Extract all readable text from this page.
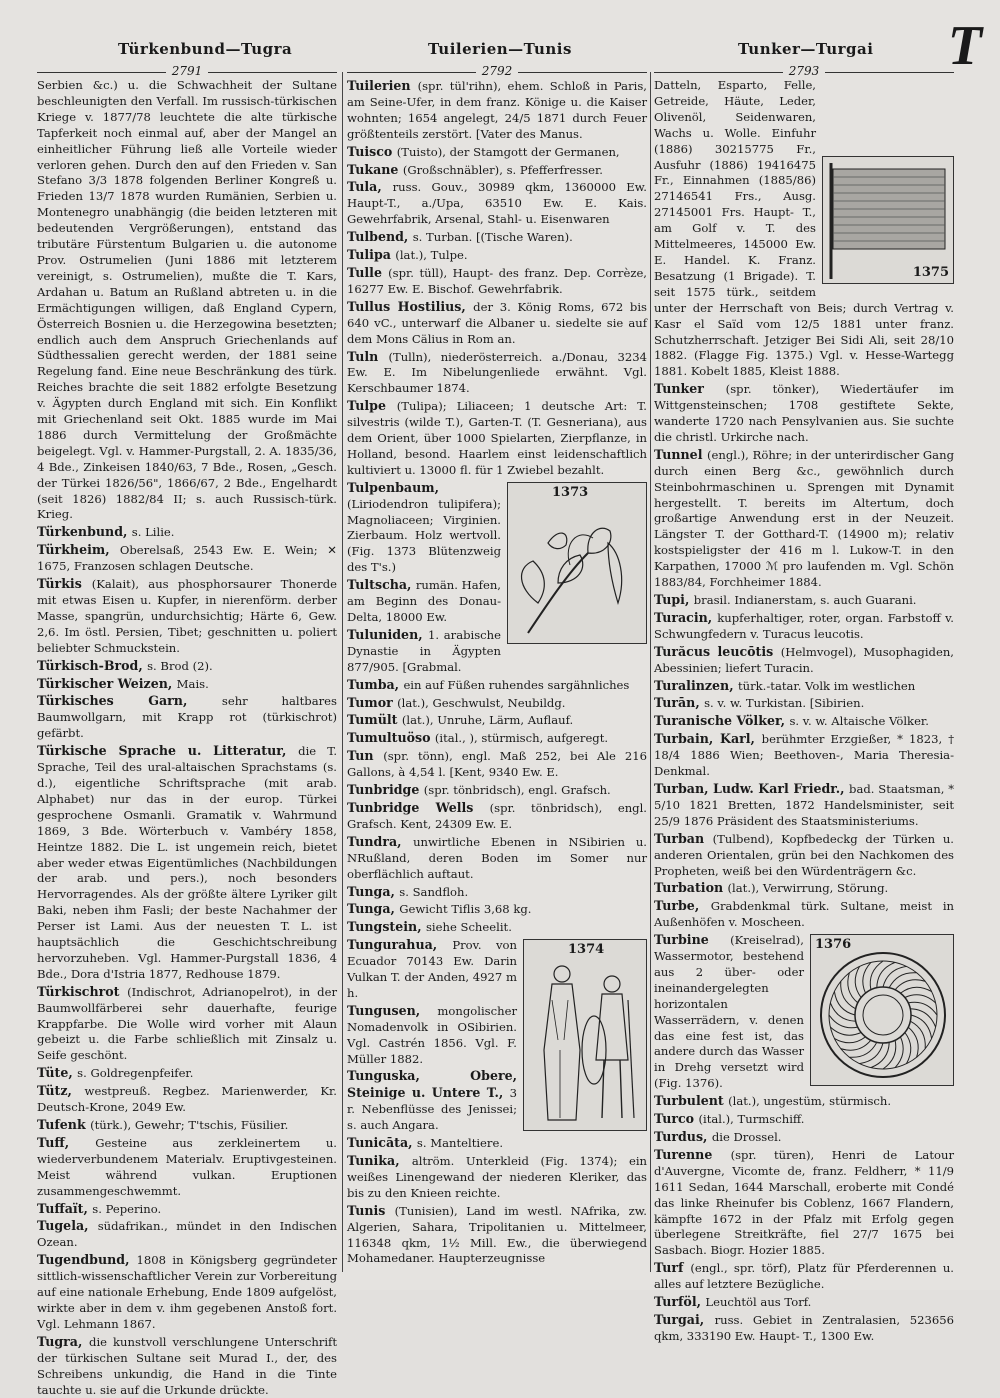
Türkenbund—Tugra	Tuilerien—Tunis	Tunker—Turgai T
2791	2792	2793
Serbien &c.) u. die Schwachheit der Sultane beschleunigten den Verfall. Im russisch-türkischen Kriege v. 1877/78 leuchtete die alte türkische Tapferkeit noch einmal auf, aber der Mangel an einheitlicher Führung ließ alle Vorteile wieder verloren gehen. Durch den auf den Frieden v. San Stefano 3/3 1878 folgenden Berliner Kongreß u. Frieden 13/7 1878 wurden Rumänien, Serbien u. Montenegro unabhängig (die beiden letzteren mit bedeutenden Vergrößerungen), entstand das tributäre Fürstentum Bulgarien u. die autonome Prov. Ostrumelien (Juni 1886 mit letzterem vereinigt, s. Ostrumelien), mußte die T. Kars, Ardahan u. Batum an Rußland abtreten u. in die Ermächtigungen willigen, daß England Cypern, Österreich Bosnien u. die Herzegowina besetzten; endlich auch dem Anspruch Griechenlands auf Südthessalien gerecht werden, der 1881 seine Regelung fand. Eine neue Beschränkung des türk. Reiches brachte die seit 1882 erfolgte Besetzung v. Ägypten durch England mit sich. Ein Konflikt mit Griechenland seit Okt. 1885 wurde im Mai 1886 durch Vermittelung der Großmächte beigelegt. Vgl. v. Hammer-Purgstall, 2. A. 1835/36, 4 Bde., Zinkeisen 1840/63, 7 Bde., Rosen, „Gesch. der Türkei 1826/56", 1866/67, 2 Bde., Engelhardt (seit 1826) 1882/84 II; s. auch Russisch-türk. Krieg.
Türkenbund, s. Lilie.
Türkheim, Oberelsaß, 2543 Ew. E. Wein; ✕ 1675, Franzosen schlagen Deutsche.
Türkis (Kalait), aus phosphorsaurer Thonerde mit etwas Eisen u. Kupfer, in nierenförm. derber Masse, spangrün, undurchsichtig; Härte 6, Gew. 2,6. Im östl. Persien, Tibet; geschnitten u. poliert beliebter Schmuckstein.
Türkisch-Brod, s. Brod (2).
Türkischer Weizen, Mais.
Türkisches Garn, sehr haltbares Baumwollgarn, mit Krapp rot (türkischrot) gefärbt.
Türkische Sprache u. Litteratur, die T. Sprache, Teil des ural-altaischen Sprachstams (s. d.), eigentliche Schriftsprache (mit arab. Alphabet) nur das in der europ. Türkei gesprochene Osmanli. Gramatik v. Wahrmund 1869, 3 Bde. Wörterbuch v. Vambéry 1858, Heintze 1882. Die L. ist ungemein reich, bietet aber weder etwas Eigentümliches (Nachbildungen der arab. und pers.), noch besonders Hervorragendes. Als der größte ältere Lyriker gilt Baki, neben ihm Fasli; der beste Nachahmer der Perser ist Lami. Aus der neuesten T. L. ist hauptsächlich die Geschichtschreibung hervorzuheben. Vgl. Hammer-Purgstall 1836, 4 Bde., Dora d'Istria 1877, Redhouse 1879.
Türkischrot (Indischrot, Adrianopelrot), in der Baumwollfärberei sehr dauerhafte, feurige Krappfarbe. Die Wolle wird vorher mit Alaun gebeizt u. die Farbe schließlich mit Zinsalz u. Seife geschönt.
Tüte, s. Goldregenpfeifer.
Tütz, westpreuß. Regbez. Marienwerder, Kr. Deutsch-Krone, 2049 Ew.
Tufenk (türk.), Gewehr; T'tschis, Füsilier.
Tuff, Gesteine aus zerkleinertem u. wiederverbundenem Materialv. Eruptivgesteinen. Meist während vulkan. Eruptionen zusammengeschwemmt.
Tuffaït, s. Peperino.
Tugela, südafrikan., mündet in den Indischen Ozean.
Tugendbund, 1808 in Königsberg gegründeter sittlich-wissenschaftlicher Verein zur Vorbereitung auf eine nationale Erhebung, Ende 1809 aufgelöst, wirkte aber in dem v. ihm gegebenen Anstoß fort. Vgl. Lehmann 1867.
Tugra, die kunstvoll verschlungene Unterschrift der türkischen Sultane seit Murad I., der, des Schreibens unkundig, die Hand in die Tinte tauchte u. sie auf die Urkunde drückte.
Tuilerien (spr. tül'rihn), ehem. Schloß in Paris, am Seine-Ufer, in dem franz. Könige u. die Kaiser wohnten; 1654 angelegt, 24/5 1871 durch Feuer größtenteils zerstört. [Vater des Manus.
Tuisco (Tuisto), der Stamgott der Germanen,
Tukane (Großschnäbler), s. Pfefferfresser.
Tula, russ. Gouv., 30989 qkm, 1360000 Ew. Haupt-T., a./Upa, 63510 Ew. E. Kais. Gewehrfabrik, Arsenal, Stahl- u. Eisenwaren
Tulbend, s. Turban. [(Tische Waren).
Tulipa (lat.), Tulpe.
Tulle (spr. tüll), Haupt- des franz. Dep. Corrèze, 16277 Ew. E. Bischof. Gewehrfabrik.
Tullus Hostilius, der 3. König Roms, 672 bis 640 vC., unterwarf die Albaner u. siedelte sie auf dem Mons Cälius in Rom an.
Tuln (Tulln), niederösterreich. a./Donau, 3234 Ew. E. Im Nibelungenliede erwähnt. Vgl. Kerschbaumer 1874.
Tulpe (Tulipa); Liliaceen; 1 deutsche Art: T. silvestris (wilde T.), Garten-T. (T. Gesneriana), aus dem Orient, über 1000 Spielarten, Zierpflanze, in Holland, besond. Haarlem einst leidenschaftlich kultiviert u. 13000 fl. für 1 Zwiebel bezahlt.
1373
Tulpenbaum, (Liriodendron tulipifera); Magnoliaceen; Virginien. Zierbaum. Holz wertvoll. (Fig. 1373 Blütenzweig des T's.)
Tultscha, rumän. Hafen, am Beginn des Donau-Delta, 18000 Ew.
Tuluniden, 1. arabische Dynastie in Ägypten 877/905. [Grabmal.
Tumba, ein auf Füßen ruhendes sargähnliches
Tumor (lat.), Geschwulst, Neubildg.
Tumült (lat.), Unruhe, Lärm, Auflauf.
Tumultuöso (ital., ), stürmisch, aufgeregt.
Tun (spr. tönn), engl. Maß 252, bei Ale 216 Gallons, à 4,54 l. [Kent, 9340 Ew. E.
Tunbridge (spr. tönbridsch), engl. Grafsch.
Tunbridge Wells (spr. tönbridsch), engl. Grafsch. Kent, 24309 Ew. E.
Tundra, unwirtliche Ebenen in NSibirien u. NRußland, deren Boden im Somer nur oberflächlich auftaut.
Tunga, s. Sandfloh.
Tunga, Gewicht Tiflis 3,68 kg.
Tungstein, siehe Scheelit.
1374
Tungurahua, Prov. von Ecuador 70143 Ew. Darin Vulkan T. der Anden, 4927 m h.
Tungusen, mongolischer Nomadenvolk in OSibirien. Vgl. Castrén 1856. Vgl. F. Müller 1882.
Tunguska, Obere, Steinige u. Untere T., 3 r. Nebenflüsse des Jenissei; s. auch Angara.
Tunicāta, s. Manteltiere.
Tunika, altröm. Unterkleid (Fig. 1374); ein weißes Linengewand der niederen Kleriker, das bis zu den Knieen reichte.
Tunis (Tunisien), Land im westl. NAfrika, zw. Algerien, Sahara, Tripolitanien u. Mittelmeer, 116348 qkm, 1½ Mill. Ew., die überwiegend Mohamedaner. Haupterzeugnisse
1375
Datteln, Esparto, Felle, Getreide, Häute, Leder, Olivenöl, Seidenwaren, Wachs u. Wolle. Einfuhr (1886) 30215775 Fr., Ausfuhr (1886) 19416475 Fr., Einnahmen (1885/86) 27146541 Frs., Ausg. 27145001 Frs. Haupt- T., am Golf v. T. des Mittelmeeres, 145000 Ew. E. Handel. K. Franz. Besatzung (1 Brigade). T. seit 1575 türk., seitdem unter der Herrschaft von Beis; durch Vertrag v. Kasr el Saïd vom 12/5 1881 unter franz. Schutzherrschaft. Jetziger Bei Sidi Ali, seit 28/10 1882. (Flagge Fig. 1375.) Vgl. v. Hesse-Wartegg 1881. Kobelt 1885, Kleist 1888.
Tunker (spr. tönker), Wiedertäufer im Wittgensteinschen; 1708 gestiftete Sekte, wanderte 1720 nach Pensylvanien aus. Sie suchte die christl. Urkirche nach.
Tunnel (engl.), Röhre; in der unterirdischer Gang durch einen Berg &c., gewöhnlich durch Steinbohrmaschinen u. Sprengen mit Dynamit hergestellt. T. bereits im Altertum, doch großartige Anwendung erst in der Neuzeit. Längster T. der Gotthard-T. (14900 m); relativ kostspieligster der 416 m l. Lukow-T. in den Karpathen, 17000 ℳ pro laufenden m. Vgl. Schön 1883/84, Forchheimer 1884.
Tupi, brasil. Indianerstam, s. auch Guarani.
Turacin, kupferhaltiger, roter, organ. Farbstoff v. Schwungfedern v. Turacus leucotis.
Turăcus leucōtis (Helmvogel), Musophagiden, Abessinien; liefert Turacin.
Turalinzen, türk.-tatar. Volk im westlichen
Turān, s. v. w. Turkistan. [Sibirien.
Turanische Völker, s. v. w. Altaische Völker.
Turbain, Karl, berühmter Erzgießer, * 1823, † 18/4 1886 Wien; Beethoven-, Maria Theresia-Denkmal.
Turban, Ludw. Karl Friedr., bad. Staatsman, * 5/10 1821 Bretten, 1872 Handelsminister, seit 25/9 1876 Präsident des Staatsministeriums.
Turban (Tulbend), Kopfbedeckg der Türken u. anderen Orientalen, grün bei den Nachkomen des Propheten, weiß bei den Würdenträgern &c.
Turbation (lat.), Verwirrung, Störung.
Turbe, Grabdenkmal türk. Sultane, meist in Außenhöfen v. Moscheen.
1376
Turbine (Kreiselrad), Wassermotor, bestehend aus 2 über- oder ineinandergelegten horizontalen Wasserrädern, v. denen das eine fest ist, das andere durch das Wasser in Drehg versetzt wird (Fig. 1376).
Turbulent (lat.), ungestüm, stürmisch.
Turco (ital.), Turmschiff.
Turdus, die Drossel.
Turenne (spr. türen), Henri de Latour d'Auvergne, Vicomte de, franz. Feldherr, * 11/9 1611 Sedan, 1644 Marschall, eroberte mit Condé das linke Rheinufer bis Coblenz, 1667 Flandern, kämpfte 1672 in der Pfalz mit Erfolg gegen überlegene Streitkräfte, fiel 27/7 1675 bei Sasbach. Biogr. Hozier 1885.
Turf (engl., spr. törf), Platz für Pferderennen u. alles auf letztere Bezügliche.
Turföl, Leuchtöl aus Torf.
Turgai, russ. Gebiet in Zentralasien, 523656 qkm, 333190 Ew. Haupt- T., 1300 Ew.
